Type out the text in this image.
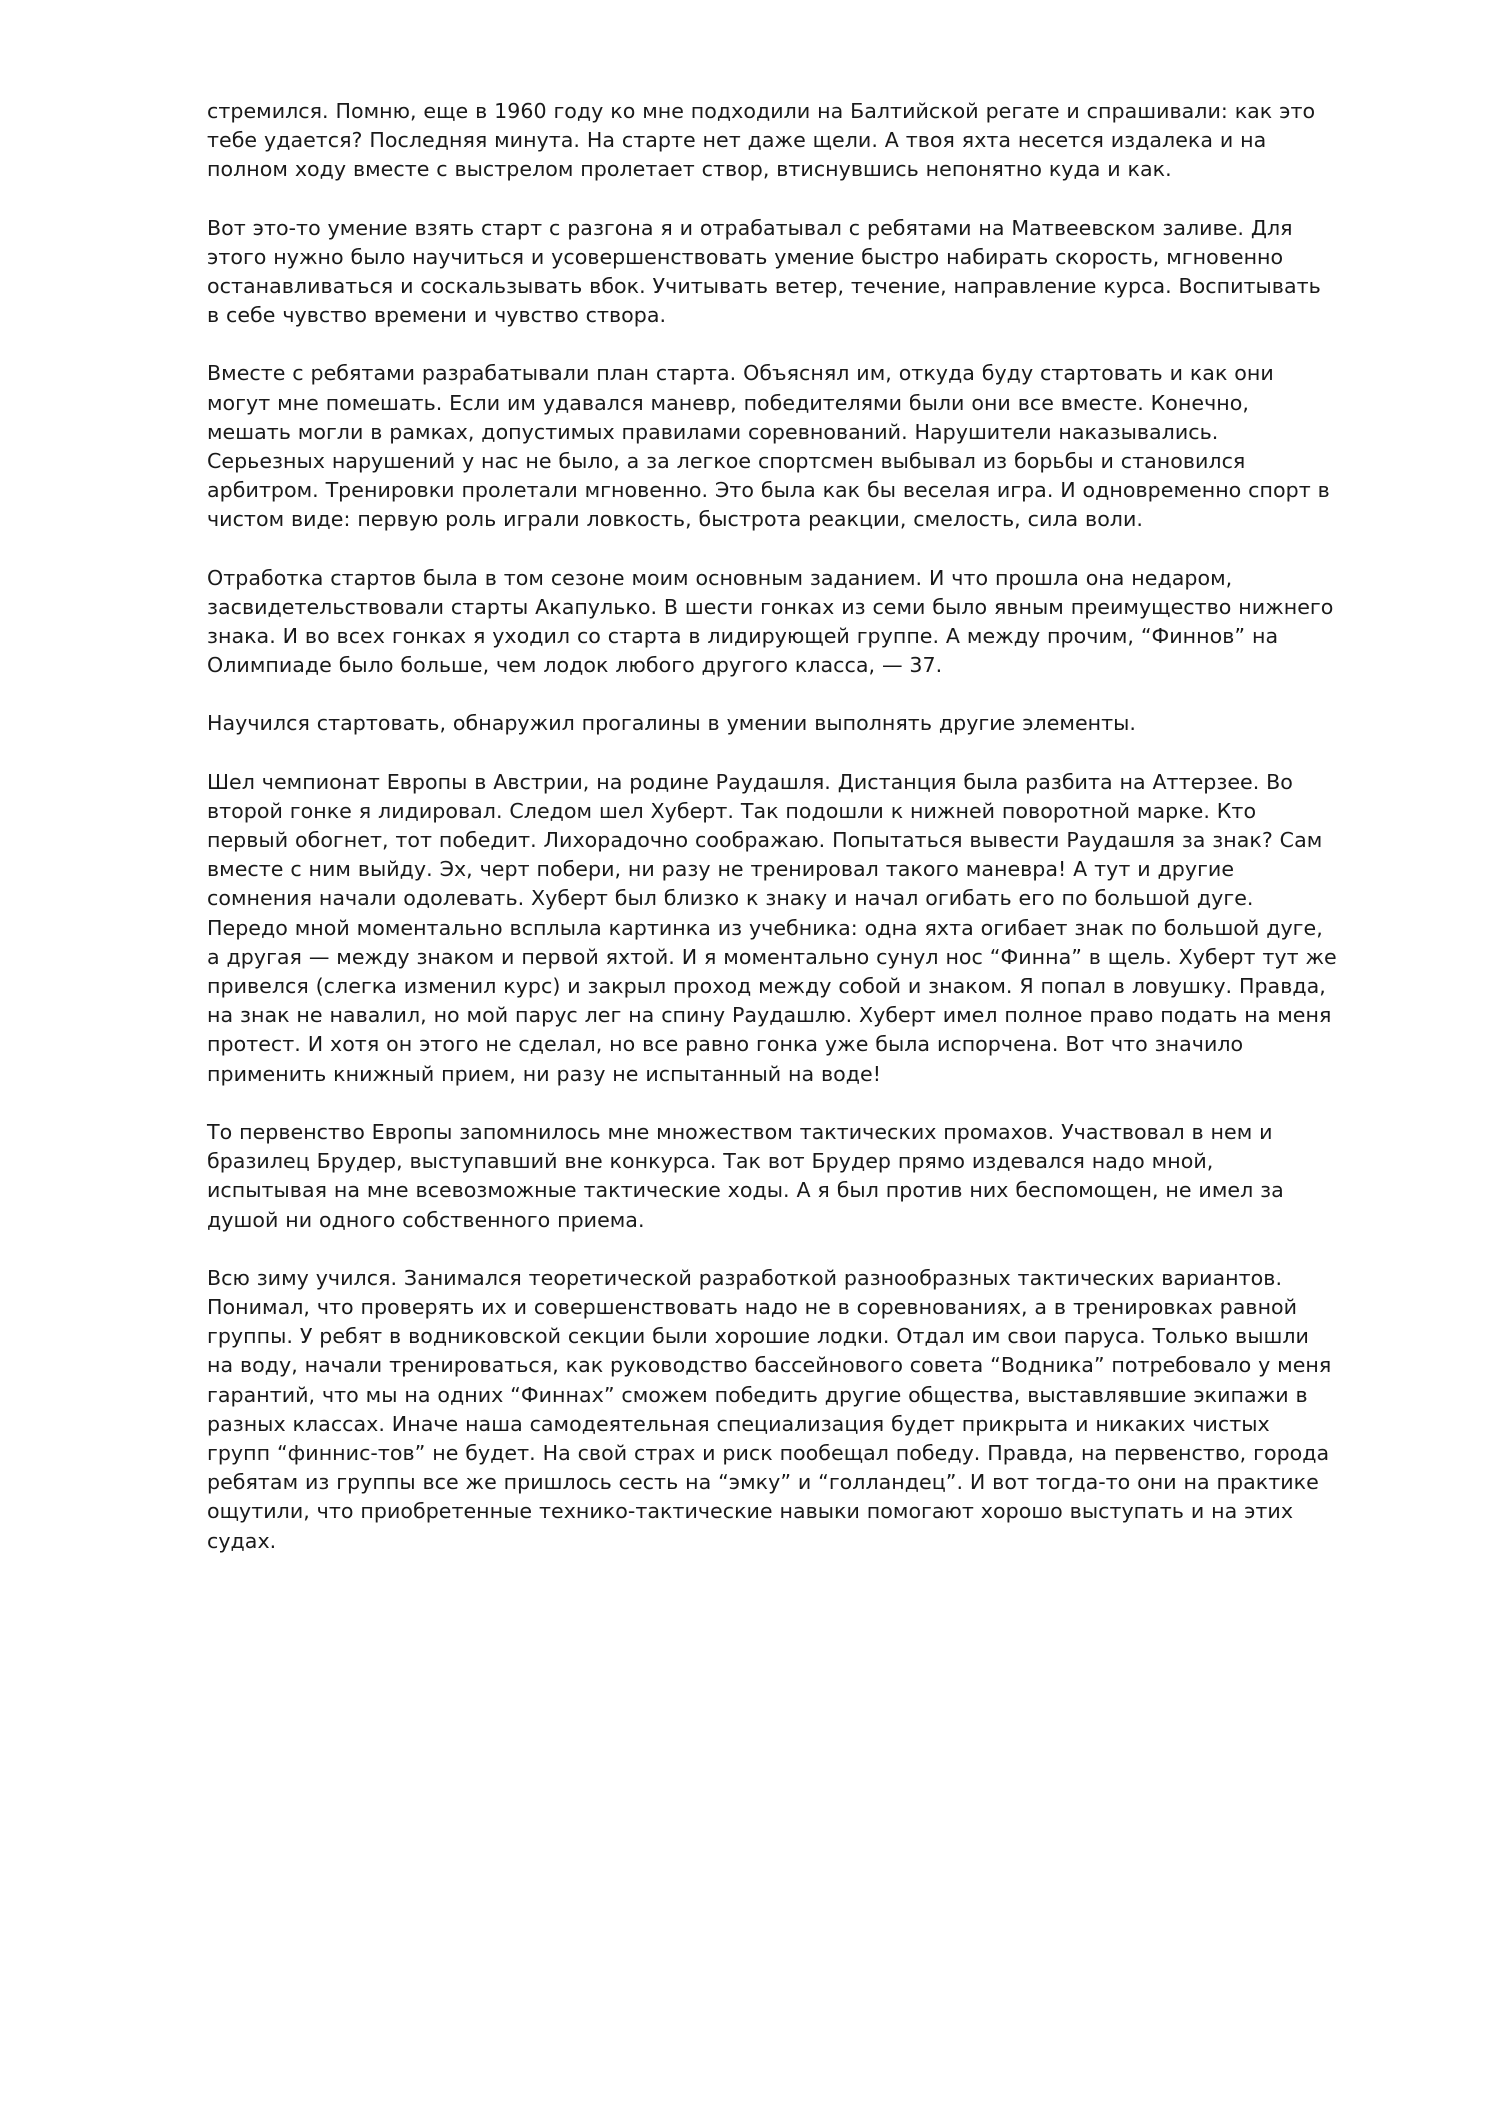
стремился. Помню, еще в 1960 году ко мне подходили на Балтийской регате и спрашивали: как это тебе удается? Последняя минута. На старте нет даже щели. А твоя яхта несется издалека и на полном ходу вместе с выстрелом пролетает створ, втиснувшись непонятно куда и как.

Вот это-то умение взять старт с разгона я и отрабатывал с ребятами на Матвеевском заливе. Для этого нужно было научиться и усовершенствовать умение быстро набирать скорость, мгновенно останавливаться и соскальзывать вбок. Учитывать ветер, течение, направление курса. Воспитывать в себе чувство времени и чувство створа.

Вместе с ребятами разрабатывали план старта. Объяснял им, откуда буду стартовать и как они могут мне помешать. Если им удавался маневр, победителями были они все вместе. Конечно, мешать могли в рамках, допустимых правилами соревнований. Нарушители наказывались. Серьезных нарушений у нас не было, а за легкое спортсмен выбывал из борьбы и становился арбитром. Тренировки пролетали мгновенно. Это была как бы веселая игра. И одновременно спорт в чистом виде: первую роль играли ловкость, быстрота реакции, смелость, сила воли.

Отработка стартов была в том сезоне моим основным заданием. И что прошла она недаром, засвидетельствовали старты Акапулько. В шести гонках из семи было явным преимущество нижнего знака. И во всех гонках я уходил со старта в лидирующей группе. А между прочим, “Финнов” на Олимпиаде было больше, чем лодок любого другого класса, — 37.

Научился стартовать, обнаружил прогалины в умении выполнять другие элементы.

Шел чемпионат Европы в Австрии, на родине Раудашля. Дистанция была разбита на Аттерзее. Во второй гонке я лидировал. Следом шел Хуберт. Так подошли к нижней поворотной марке. Кто первый обогнет, тот победит. Лихорадочно соображаю. Попытаться вывести Раудашля за знак? Сам вместе с ним выйду. Эх, черт побери, ни разу не тренировал такого маневра! А тут и другие сомнения начали одолевать. Хуберт был близко к знаку и начал огибать его по большой дуге. Передо мной моментально всплыла картинка из учебника: одна яхта огибает знак по большой дуге, а другая — между знаком и первой яхтой. И я моментально сунул нос “Финна” в щель. Хуберт тут же привелся (слегка изменил курс) и закрыл проход между собой и знаком. Я попал в ловушку. Правда, на знак не навалил, но мой парус лег на спину Раудашлю. Хуберт имел полное право подать на меня протест. И хотя он этого не сделал, но все равно гонка уже была испорчена. Вот что значило применить книжный прием, ни разу не испытанный на воде!

То первенство Европы запомнилось мне множеством тактических промахов. Участвовал в нем и бразилец Брудер, выступавший вне конкурса. Так вот Брудер прямо издевался надо мной, испытывая на мне всевозможные тактические ходы. А я был против них беспомощен, не имел за душой ни одного собственного приема.

Всю зиму учился. Занимался теоретической разработкой разнообразных тактических вариантов. Понимал, что проверять их и совершенствовать надо не в соревнованиях, а в тренировках равной группы. У ребят в водниковской секции были хорошие лодки. Отдал им свои паруса. Только вышли на воду, начали тренироваться, как руководство бассейнового совета “Водника” потребовало у меня гарантий, что мы на одних “Финнах” сможем победить другие общества, выставлявшие экипажи в разных классах. Иначе наша самодеятельная специализация будет прикрыта и никаких чистых групп “финнис-тов” не будет. На свой страх и риск пообещал победу. Правда, на первенство, города ребятам из группы все же пришлось сесть на “эмку” и “голландец”. И вот тогда-то они на практике ощутили, что приобретенные технико-тактические навыки помогают хорошо выступать и на этих судах.
